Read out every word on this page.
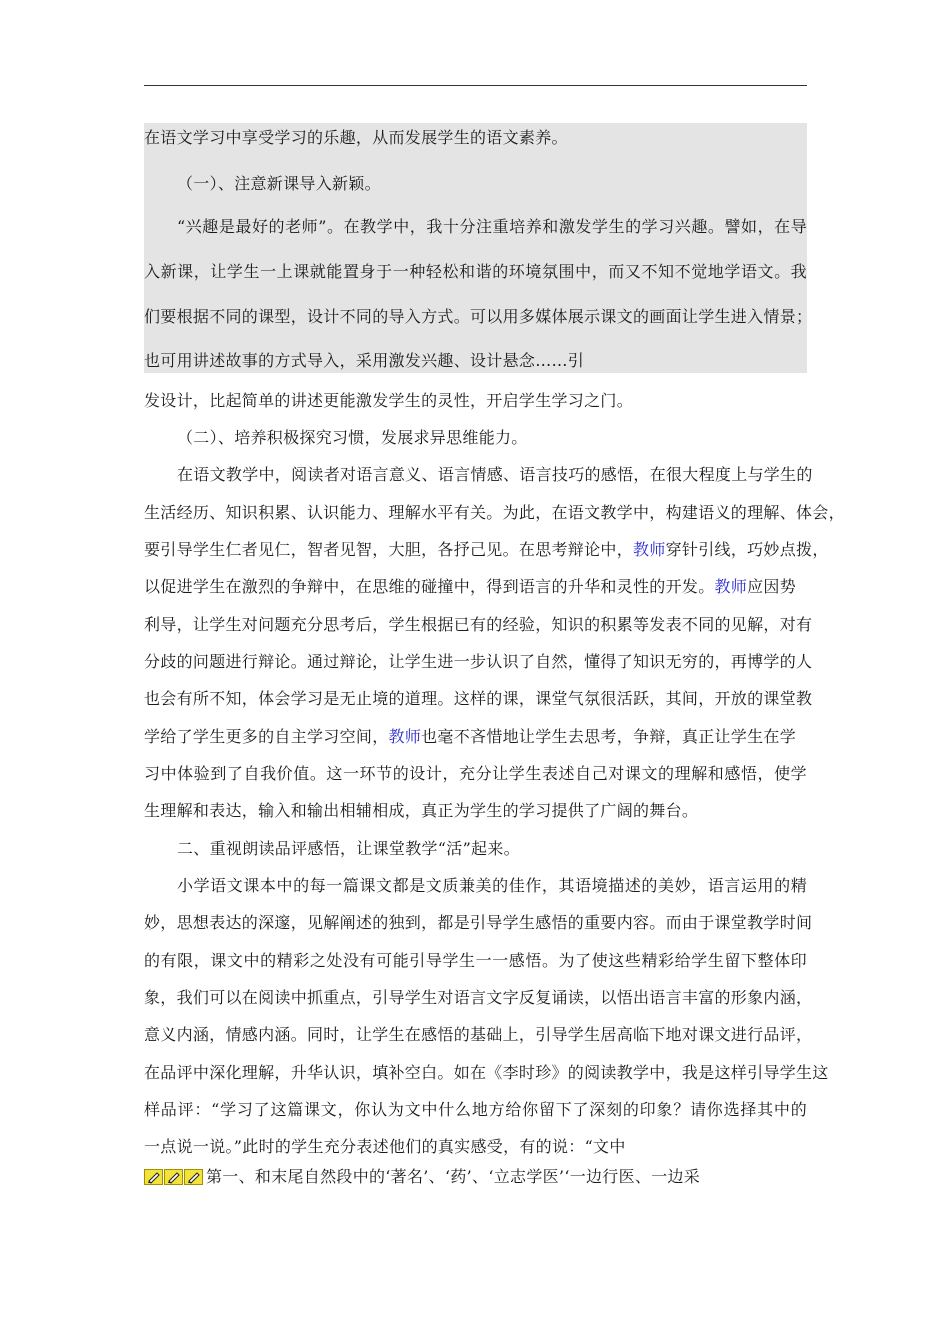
在语文学习中享受学习的乐趣，从而发展学生的语文素养。
（一）、注意新课导入新颖。
“兴趣是最好的老师”。在教学中，我十分注重培养和激发学生的学习兴趣。譬如，在导
入新课，让学生一上课就能置身于一种轻松和谐的环境氛围中，而又不知不觉地学语文。我
们要根据不同的课型，设计不同的导入方式。可以用多媒体展示课文的画面让学生进入情景；
也可用讲述故事的方式导入，采用激发兴趣、设计悬念……引
发设计，比起简单的讲述更能激发学生的灵性，开启学生学习之门。
（二）、培养积极探究习惯，发展求异思维能力。
在语文教学中，阅读者对语言意义、语言情感、语言技巧的感悟，在很大程度上与学生的
生活经历、知识积累、认识能力、理解水平有关。为此，在语文教学中，构建语义的理解、体会，
要引导学生仁者见仁，智者见智，大胆，各抒己见。在思考辩论中，教师穿针引线，巧妙点拨，
以促进学生在激烈的争辩中，在思维的碰撞中，得到语言的升华和灵性的开发。教师应因势
利导，让学生对问题充分思考后，学生根据已有的经验，知识的积累等发表不同的见解，对有
分歧的问题进行辩论。通过辩论，让学生进一步认识了自然，懂得了知识无穷的，再博学的人
也会有所不知，体会学习是无止境的道理。这样的课，课堂气氛很活跃，其间，开放的课堂教
学给了学生更多的自主学习空间，教师也毫不吝惜地让学生去思考，争辩，真正让学生在学
习中体验到了自我价值。这一环节的设计，充分让学生表述自己对课文的理解和感悟，使学
生理解和表达，输入和输出相辅相成，真正为学生的学习提供了广阔的舞台。
二、重视朗读品评感悟，让课堂教学“活”起来。
小学语文课本中的每一篇课文都是文质兼美的佳作，其语境描述的美妙，语言运用的精
妙，思想表达的深邃，见解阐述的独到，都是引导学生感悟的重要内容。而由于课堂教学时间
的有限，课文中的精彩之处没有可能引导学生一一感悟。为了使这些精彩给学生留下整体印
象，我们可以在阅读中抓重点，引导学生对语言文字反复诵读，以悟出语言丰富的形象内涵，
意义内涵，情感内涵。同时，让学生在感悟的基础上，引导学生居高临下地对课文进行品评，
在品评中深化理解，升华认识，填补空白。如在《李时珍》的阅读教学中，我是这样引导学生这
样品评：“学习了这篇课文，你认为文中什么地方给你留下了深刻的印象？请你选择其中的
一点说一说。”此时的学生充分表述他们的真实感受，有的说：“文中
第一、和末尾自然段中的‘著名’、‘药’、‘立志学医’‘一边行医、一边采
